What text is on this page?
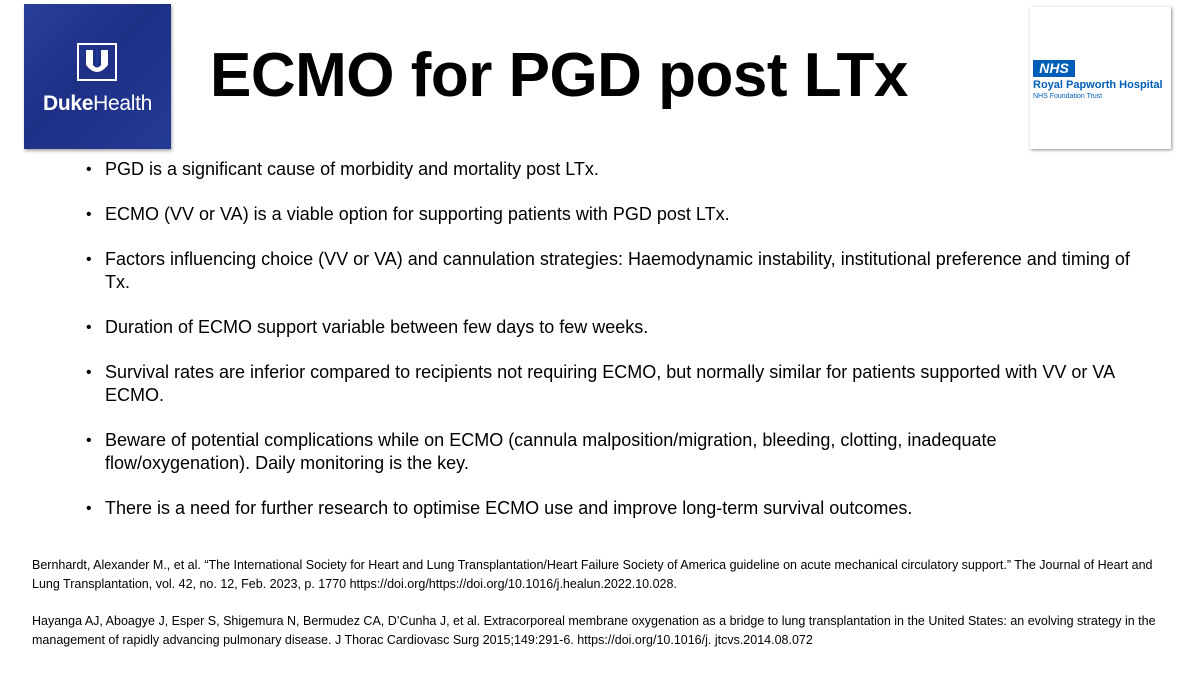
DukeHealth ECMO for PGD post LTx	NHS
Royal Papworth Hospital
NHS Foundation Trust
• PGD is a significant cause of morbidity and mortality post LTx.
• ECMO (VV or VA) is a viable option for supporting patients with PGD post LTx.
• Factors influencing choice (VV or VA) and cannulation strategies: Haemodynamic instability, institutional preference and timing of Tx.
• Duration of ECMO support variable between few days to few weeks.
• Survival rates are inferior compared to recipients not requiring ECMO, but normally similar for patients supported with VV or VA ECMO.
• Beware of potential complications while on ECMO (cannula malposition/migration, bleeding, clotting, inadequate flow/oxygenation). Daily monitoring is the key.
• There is a need for further research to optimise ECMO use and improve long-term survival outcomes.

Bernhardt, Alexander M., et al. “The International Society for Heart and Lung Transplantation/Heart Failure Society of America guideline on acute mechanical circulatory support.” The Journal of Heart and Lung Transplantation, vol. 42, no. 12, Feb. 2023, p. 1770 https://doi.org/https://doi.org/10.1016/j.healun.2022.10.028.

Hayanga AJ, Aboagye J, Esper S, Shigemura N, Bermudez CA, D’Cunha J, et al. Extracorporeal membrane oxygenation as a bridge to lung transplantation in the United States: an evolving strategy in the management of rapidly advancing pulmonary disease. J Thorac Cardiovasc Surg 2015;149:291-6. https://doi.org/10.1016/j. jtcvs.2014.08.072
